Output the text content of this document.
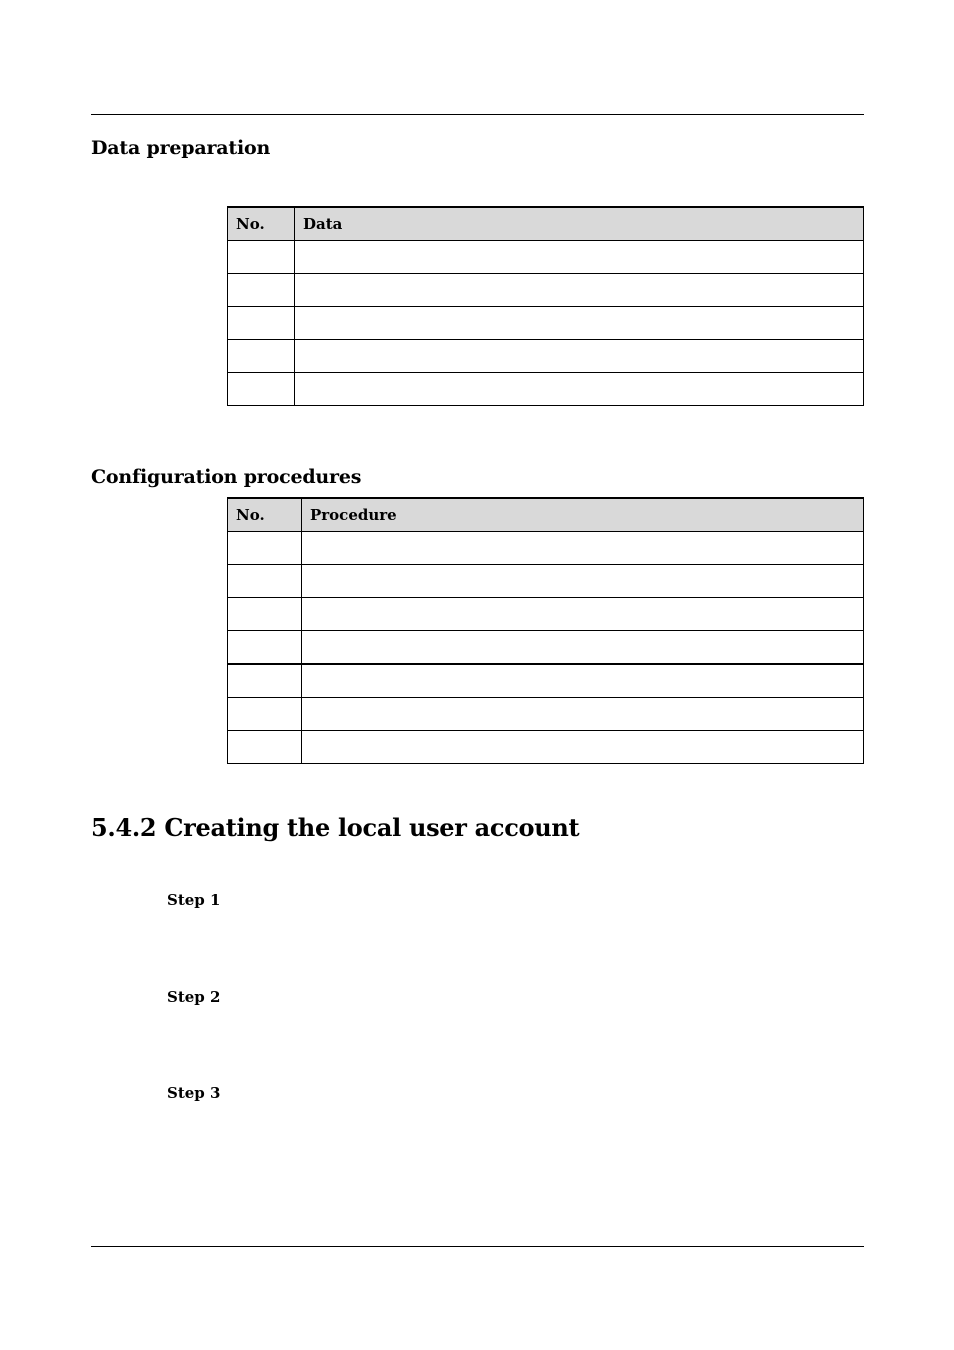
Data preparation
No.	Data

Configuration procedures
No.	Procedure

5.4.2 Creating the local user account

Step 1

Step 2

Step 3
